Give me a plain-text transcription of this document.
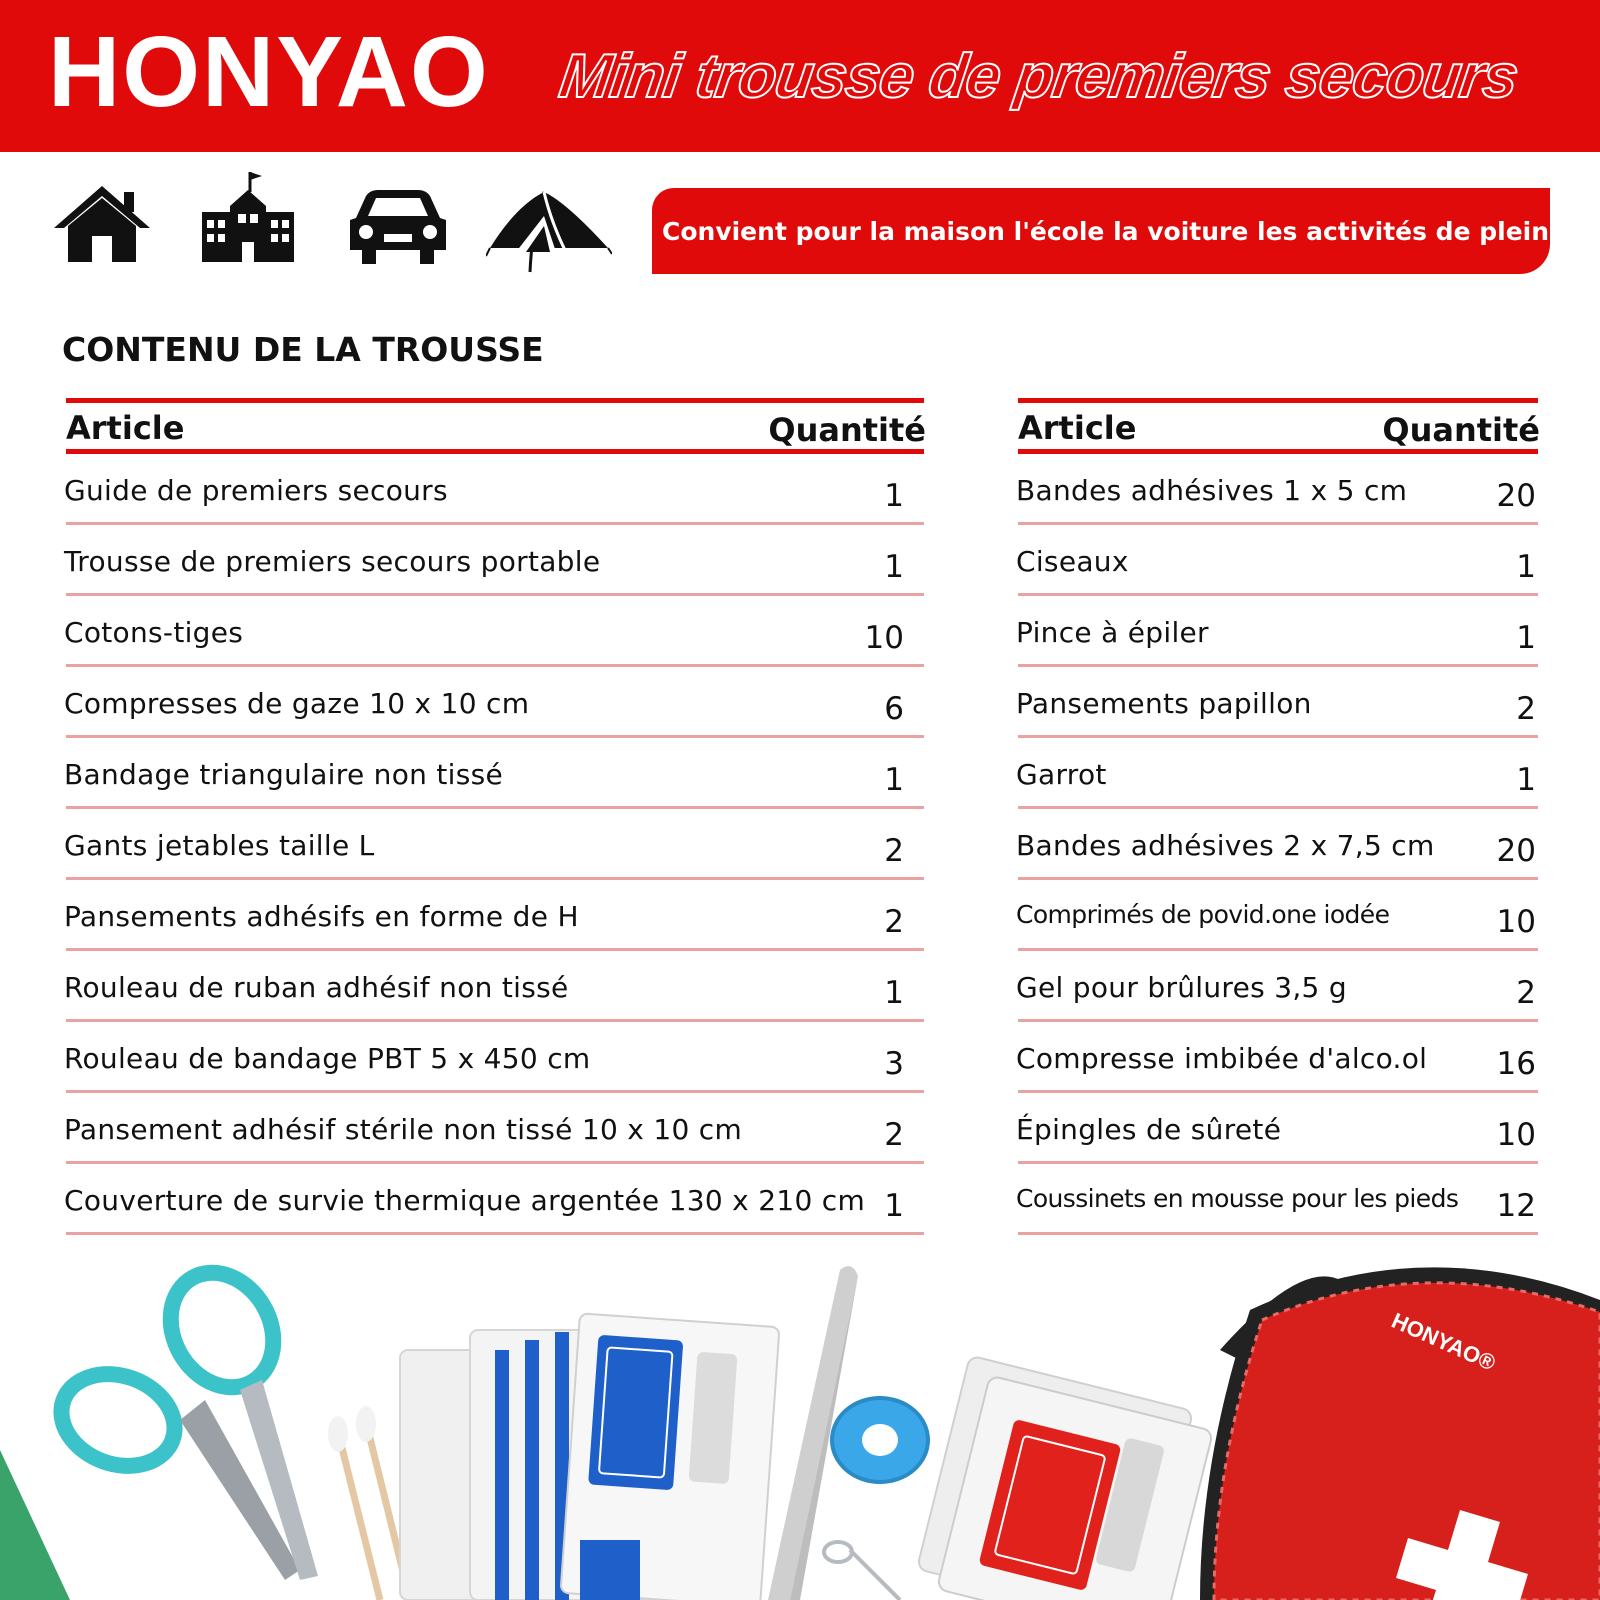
HONYAO Mini trousse de premiers secours
Convient pour la maison l'école la voiture les activités de plein air
CONTENU DE LA TROUSSE
Article	Quantité
Guide de premiers secours	1
Trousse de premiers secours portable	1
Cotons-tiges	10
Compresses de gaze 10 x 10 cm	6
Bandage triangulaire non tissé	1
Gants jetables taille L	2
Pansements adhésifs en forme de H	2
Rouleau de ruban adhésif non tissé	1
Rouleau de bandage PBT 5 x 450 cm	3
Pansement adhésif stérile non tissé 10 x 10 cm	2
Couverture de survie thermique argentée 130 x 210 cm 1
Article	Quantité
Bandes adhésives 1 x 5 cm	20
Ciseaux	1
Pince à épiler	1
Pansements papillon	2
Garrot	1
Bandes adhésives 2 x 7,5 cm 20
Comprimés de povid.one iodée	10
Gel pour brûlures 3,5 g	2
Compresse imbibée d'alco.ol 16
Épingles de sûreté	10
Coussinets en mousse pour les pieds 12
HONYAO®
